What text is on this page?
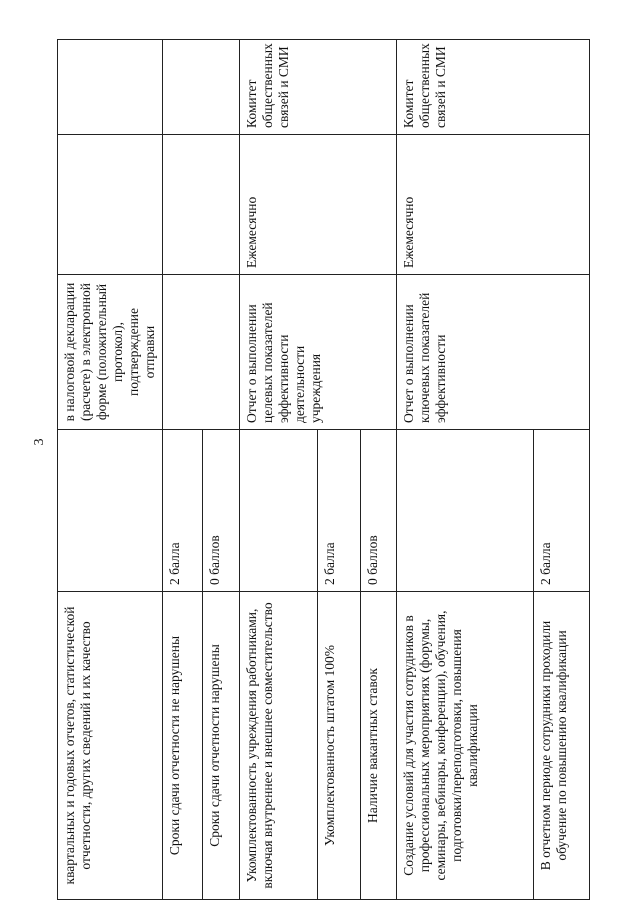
3
квартальных и годовых отчетов, статистической отчетности, других сведений и их качество		в налоговой декларации (расчете) в электронной форме (положительный протокол), подтверждение отправки		
Сроки сдачи отчетности не нарушены	2 балла			
Сроки сдачи отчетности нарушены	0 баллов			
Укомплектованность учреждения работниками, включая внутреннее и внешнее совместительство		Отчет о выполнении целевых показателей эффективности деятельности учреждения	Ежемесячно	Комитет общественных связей и СМИ
Укомплектованность штатом 100%	2 балла			
Наличие вакантных ставок	0 баллов			
Создание условий для участия сотрудников в профессиональных мероприятиях (форумы, семинары, вебинары, конференции), обучения, подготовки/переподготовки, повышения квалификации		Отчет о выполнении ключевых показателей эффективности	Ежемесячно	Комитет общественных связей и СМИ
В отчетном периоде сотрудники проходили обучение по повышению квалификации	2 балла			
